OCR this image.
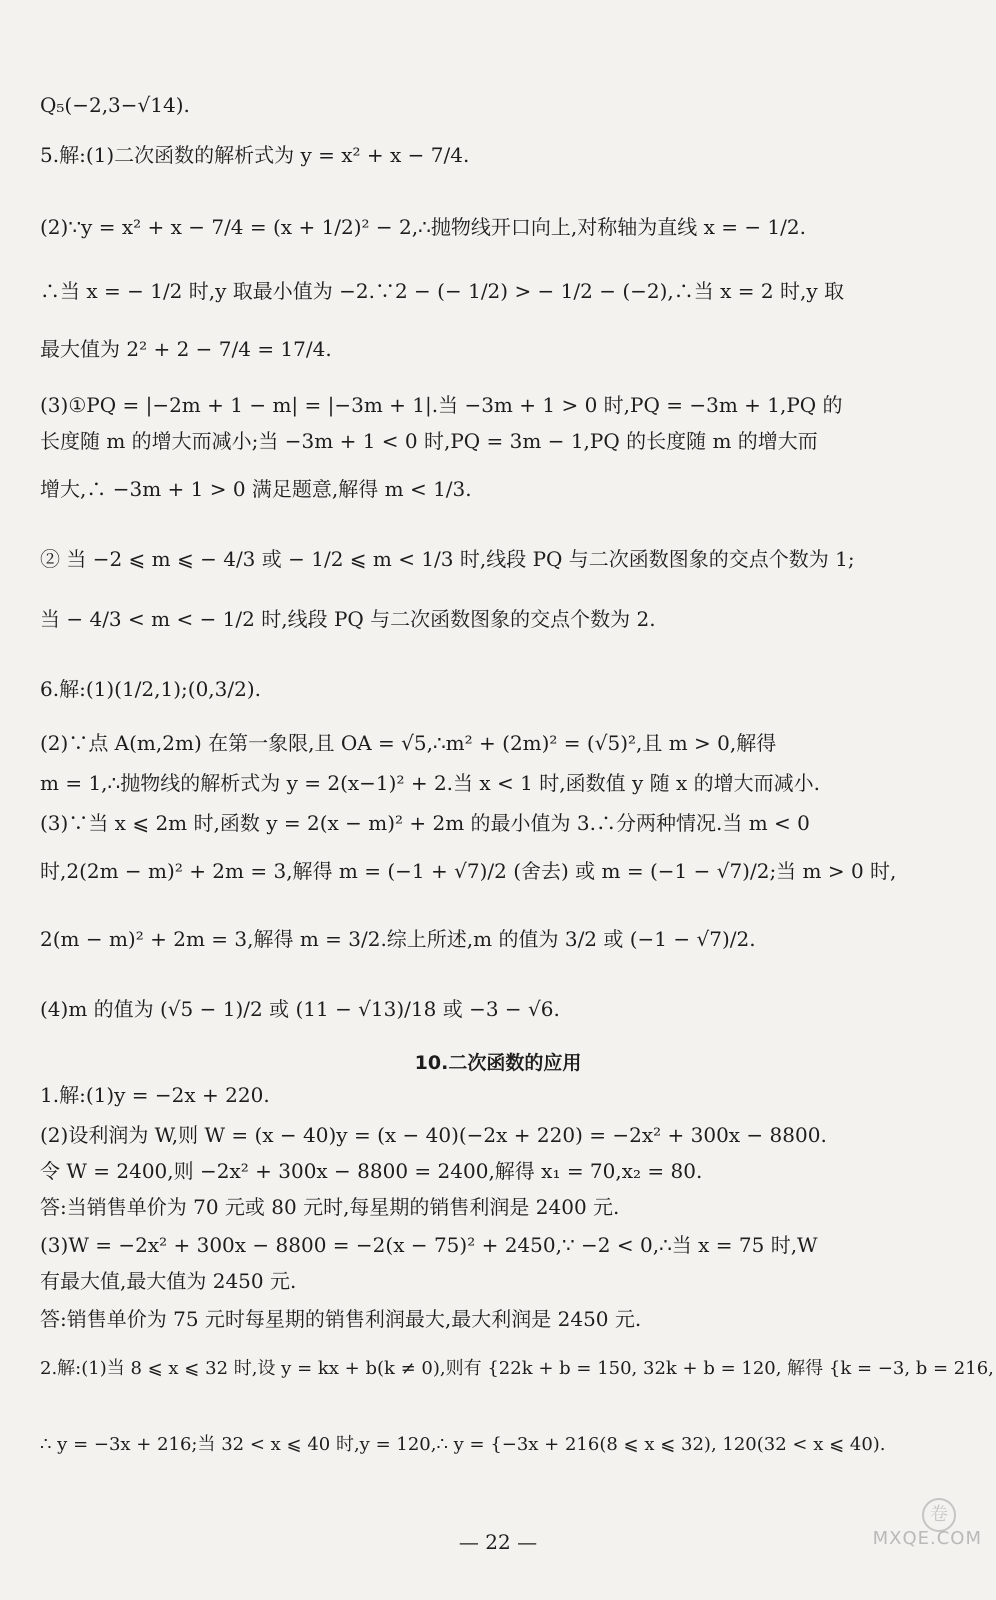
Q₅(−2,3−√14).
5.解:(1)二次函数的解析式为 y = x² + x − 7/4.
(2)∵y = x² + x − 7/4 = (x + 1/2)² − 2,∴抛物线开口向上,对称轴为直线 x = − 1/2.
∴当 x = − 1/2 时,y 取最小值为 −2.∵2 − (− 1/2) > − 1/2 − (−2),∴当 x = 2 时,y 取
最大值为 2² + 2 − 7/4 = 17/4.
(3)①PQ = |−2m + 1 − m| = |−3m + 1|.当 −3m + 1 > 0 时,PQ = −3m + 1,PQ 的
长度随 m 的增大而减小;当 −3m + 1 < 0 时,PQ = 3m − 1,PQ 的长度随 m 的增大而
增大,∴ −3m + 1 > 0 满足题意,解得 m < 1/3.
② 当 −2 ⩽ m ⩽ − 4/3 或 − 1/2 ⩽ m < 1/3 时,线段 PQ 与二次函数图象的交点个数为 1;
当 − 4/3 < m < − 1/2 时,线段 PQ 与二次函数图象的交点个数为 2.
6.解:(1)(1/2,1);(0,3/2).
(2)∵点 A(m,2m) 在第一象限,且 OA = √5,∴m² + (2m)² = (√5)²,且 m > 0,解得
m = 1,∴抛物线的解析式为 y = 2(x−1)² + 2.当 x < 1 时,函数值 y 随 x 的增大而减小.
(3)∵当 x ⩽ 2m 时,函数 y = 2(x − m)² + 2m 的最小值为 3.∴分两种情况.当 m < 0
时,2(2m − m)² + 2m = 3,解得 m = (−1 + √7)/2 (舍去) 或 m = (−1 − √7)/2;当 m > 0 时,
2(m − m)² + 2m = 3,解得 m = 3/2.综上所述,m 的值为 3/2 或 (−1 − √7)/2.
(4)m 的值为 (√5 − 1)/2 或 (11 − √13)/18 或 −3 − √6.
10.二次函数的应用
1.解:(1)y = −2x + 220.
(2)设利润为 W,则 W = (x − 40)y = (x − 40)(−2x + 220) = −2x² + 300x − 8800.
令 W = 2400,则 −2x² + 300x − 8800 = 2400,解得 x₁ = 70,x₂ = 80.
答:当销售单价为 70 元或 80 元时,每星期的销售利润是 2400 元.
(3)W = −2x² + 300x − 8800 = −2(x − 75)² + 2450,∵ −2 < 0,∴当 x = 75 时,W
有最大值,最大值为 2450 元.
答:销售单价为 75 元时每星期的销售利润最大,最大利润是 2450 元.
2.解:(1)当 8 ⩽ x ⩽ 32 时,设 y = kx + b(k ≠ 0),则有 {22k + b = 150, 32k + b = 120, 解得 {k = −3, b = 216,
∴ y = −3x + 216;当 32 < x ⩽ 40 时,y = 120,∴ y = {−3x + 216(8 ⩽ x ⩽ 32), 120(32 < x ⩽ 40).
— 22 —
卷
MXQE.COM
